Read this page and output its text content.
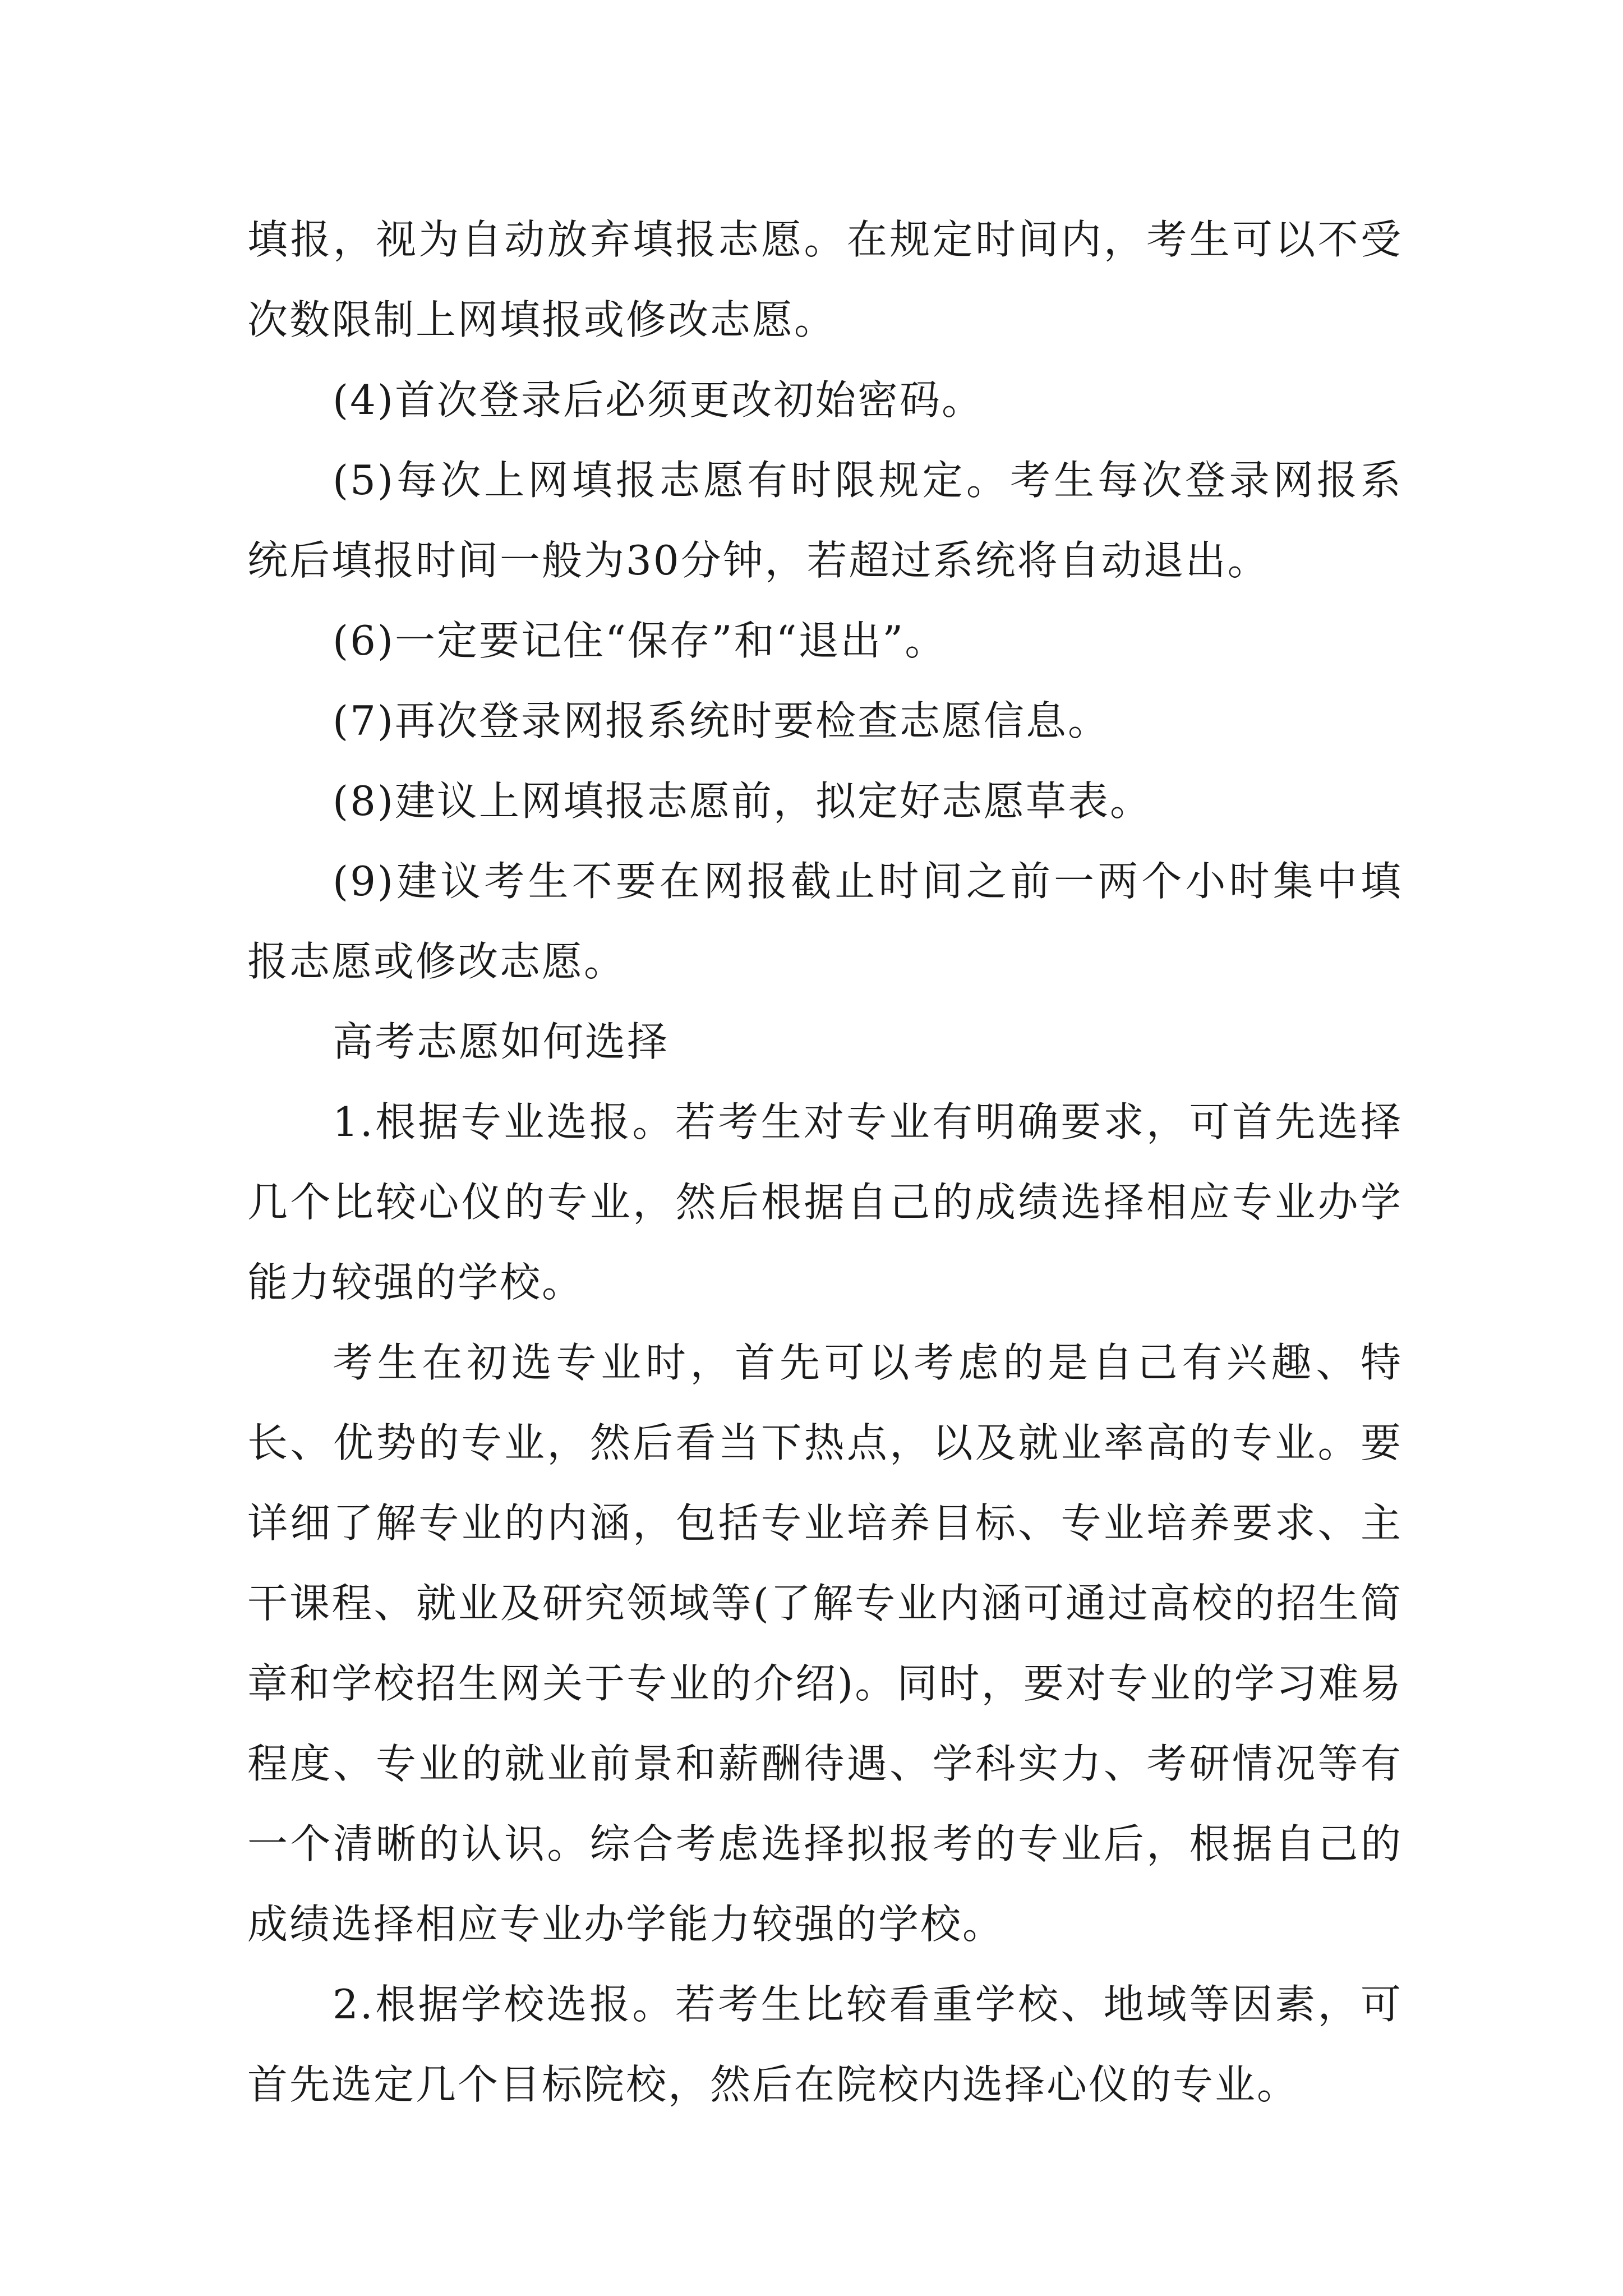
填报，视为自动放弃填报志愿。在规定时间内，考生可以不受次数限制上网填报或修改志愿。

(4)首次登录后必须更改初始密码。

(5)每次上网填报志愿有时限规定。考生每次登录网报系统后填报时间一般为30分钟，若超过系统将自动退出。

(6)一定要记住“保存”和“退出”。

(7)再次登录网报系统时要检查志愿信息。

(8)建议上网填报志愿前，拟定好志愿草表。

(9)建议考生不要在网报截止时间之前一两个小时集中填报志愿或修改志愿。

高考志愿如何选择

1.根据专业选报。若考生对专业有明确要求，可首先选择几个比较心仪的专业，然后根据自己的成绩选择相应专业办学能力较强的学校。

考生在初选专业时，首先可以考虑的是自己有兴趣、特长、优势的专业，然后看当下热点，以及就业率高的专业。要详细了解专业的内涵，包括专业培养目标、专业培养要求、主干课程、就业及研究领域等(了解专业内涵可通过高校的招生简章和学校招生网关于专业的介绍)。同时，要对专业的学习难易程度、专业的就业前景和薪酬待遇、学科实力、考研情况等有一个清晰的认识。综合考虑选择拟报考的专业后，根据自己的成绩选择相应专业办学能力较强的学校。

2.根据学校选报。若考生比较看重学校、地域等因素，可首先选定几个目标院校，然后在院校内选择心仪的专业。
